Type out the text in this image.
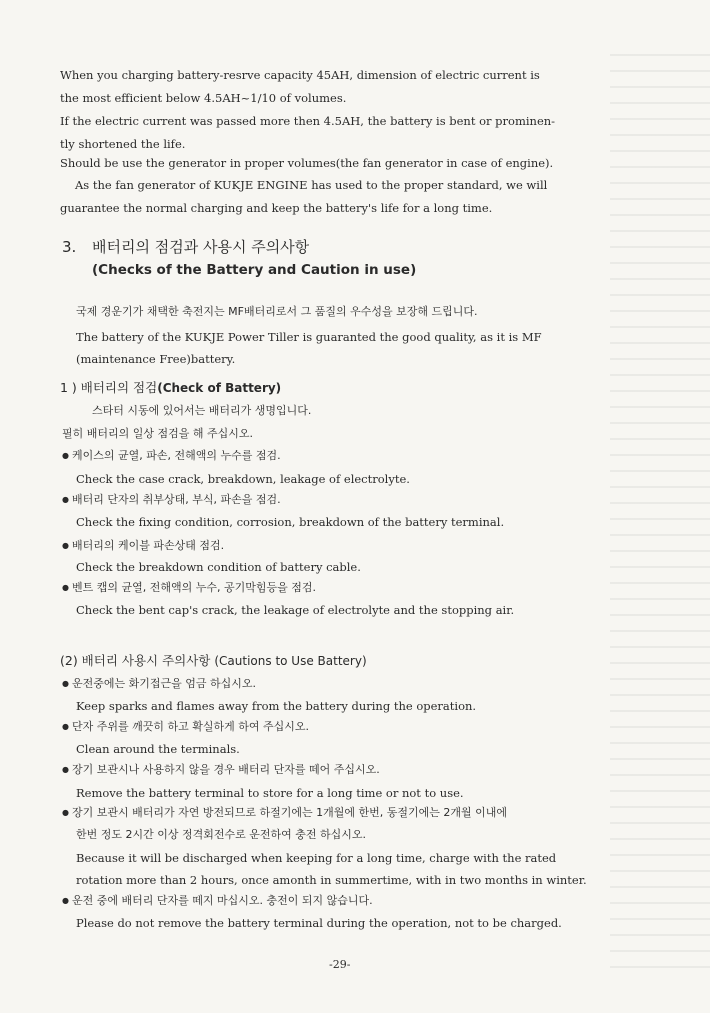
When you charging battery-resrve capacity 45AH, dimension of electric current is
the most efficient below 4.5AH~1/10 of volumes.
If the electric current was passed more then 4.5AH, the battery is bent or prominen-
tly shortened the life.
Should be use the generator in proper volumes(the fan generator in case of engine).
As the fan generator of KUKJE ENGINE has used to the proper standard, we will
guarantee the normal charging and keep the battery's life for a long time.
3. 배터리의 점검과 사용시 주의사항
(Checks of the Battery and Caution in use)
국제 경운기가 채택한 축전지는 MF배터리로서 그 품질의 우수성을 보장해 드립니다.
The battery of the KUKJE Power Tiller is guaranted the good quality, as it is MF
(maintenance Free)battery.
1 ) 배터리의 점검(Check of Battery)
스타터 시동에 있어서는 배터리가 생명입니다.
필히 배터리의 일상 점검을 해 주십시오.
● 케이스의 균열, 파손, 전해액의 누수를 점검.
Check the case crack, breakdown, leakage of electrolyte.
● 배터리 단자의 취부상태, 부식, 파손을 점검.
Check the fixing condition, corrosion, breakdown of the battery terminal.
● 배터리의 케이블 파손상태 점검.
Check the breakdown condition of battery cable.
● 벤트 캡의 균열, 전해액의 누수, 공기막힘등을 점검.
Check the bent cap's crack, the leakage of electrolyte and the stopping air.
(2) 배터리 사용시 주의사항 (Cautions to Use Battery)
● 운전중에는 화기접근을 엄금 하십시오.
Keep sparks and flames away from the battery during the operation.
● 단자 주위를 깨끗히 하고 확실하게 하여 주십시오.
Clean around the terminals.
● 장기 보관시나 사용하지 않을 경우 배터리 단자를 떼어 주십시오.
Remove the battery terminal to store for a long time or not to use.
● 장기 보관시 배터리가 자연 방전되므로 하절기에는 1개월에 한번, 동절기에는 2개월 이내에
한번 정도 2시간 이상 정격회전수로 운전하여 충전 하십시오.
Because it will be discharged when keeping for a long time, charge with the rated
rotation more than 2 hours, once amonth in summertime, with in two months in winter.
● 운전 중에 배터리 단자를 떼지 마십시오. 충전이 되지 않습니다.
Please do not remove the battery terminal during the operation, not to be charged.
-29-
